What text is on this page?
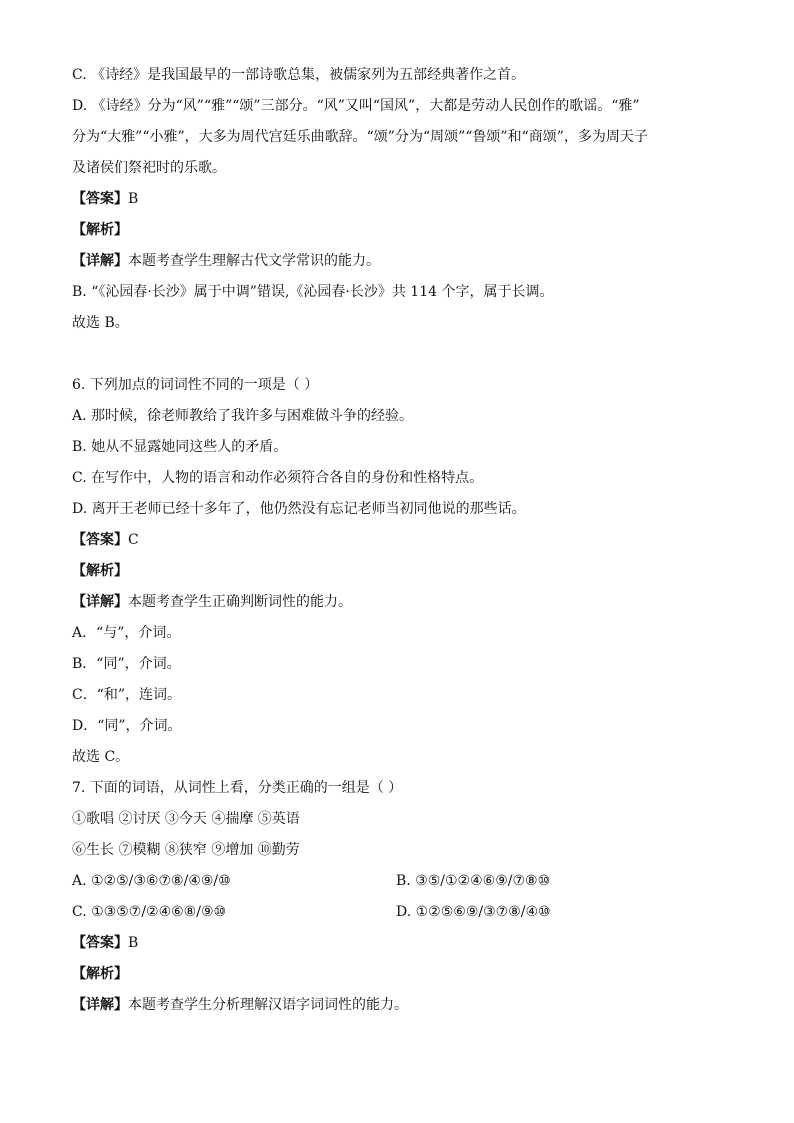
C. 《诗经》是我国最早的一部诗歌总集，被儒家列为五部经典著作之首。
D. 《诗经》分为“风”“雅”“颂”三部分。“风”又叫“国风”，大都是劳动人民创作的歌谣。“雅”
分为“大雅”“小雅”，大多为周代宫廷乐曲歌辞。“颂”分为“周颂”“鲁颂”和“商颂”，多为周天子
及诸侯们祭祀时的乐歌。
【答案】B
【解析】
【详解】本题考查学生理解古代文学常识的能力。
B. “《沁园春·长沙》属于中调”错误,《沁园春·长沙》共 114 个字，属于长调。
故选 B。
6. 下列加点的词词性不同的一项是（ ）
A. 那时候，徐老师教给了我许多与困难做斗争的经验。
B. 她从不显露她同这些人的矛盾。
C. 在写作中，人物的语言和动作必须符合各自的身份和性格特点。
D. 离开王老师已经十多年了，他仍然没有忘记老师当初同他说的那些话。
【答案】C
【解析】
【详解】本题考查学生正确判断词性的能力。
A．“与”，介词。
B．“同”，介词。
C．“和”，连词。
D．“同”，介词。
故选 C。
7. 下面的词语，从词性上看，分类正确的一组是（ ）
①歌唱 ②讨厌 ③今天 ④揣摩 ⑤英语
⑥生长 ⑦模糊 ⑧狭窄 ⑨增加 ⑩勤劳
A. ①②⑤/③⑥⑦⑧/④⑨/⑩	B. ③⑤/①②④⑥⑨/⑦⑧⑩
C. ①③⑤⑦/②④⑥⑧/⑨⑩	D. ①②⑤⑥⑨/③⑦⑧/④⑩
【答案】B
【解析】
【详解】本题考查学生分析理解汉语字词词性的能力。
